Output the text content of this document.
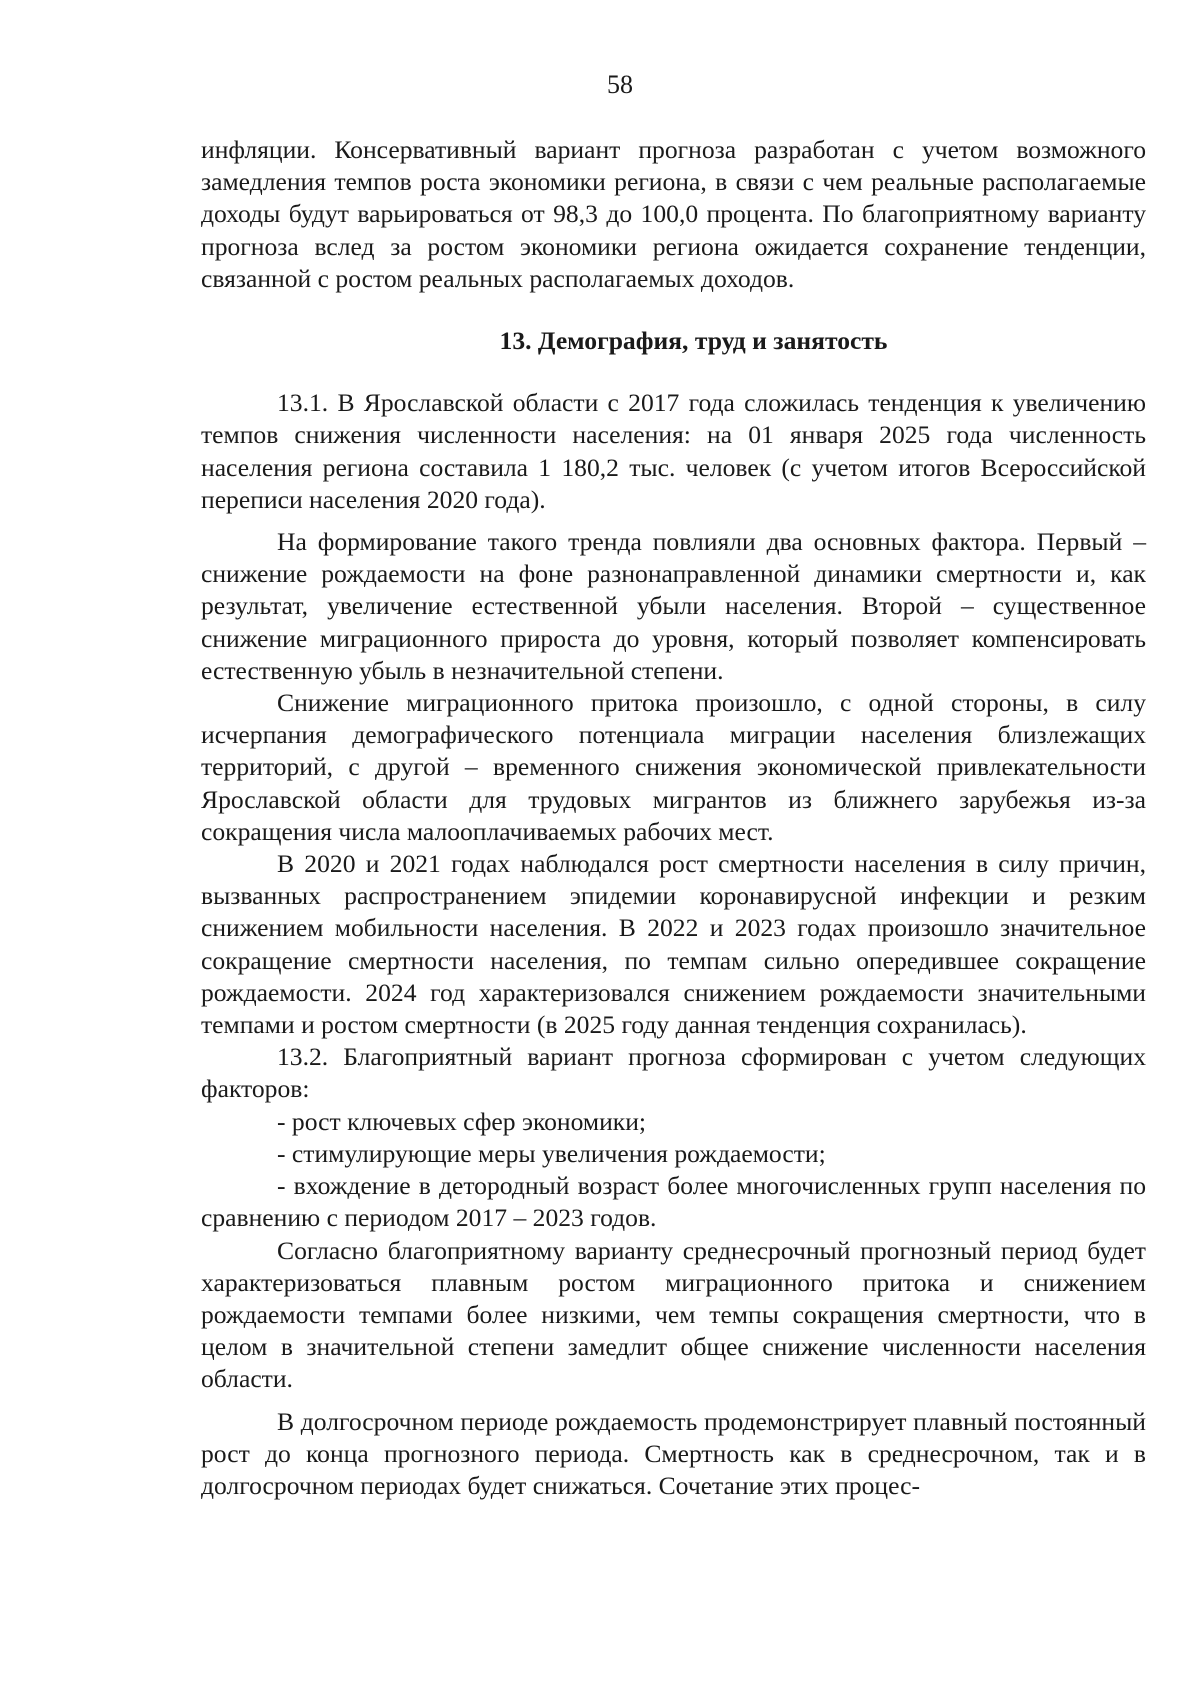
58

инфляции. Консервативный вариант прогноза разработан с учетом возможного замедления темпов роста экономики региона, в связи с чем реальные располагаемые доходы будут варьироваться от 98,3 до 100,0 процента. По благоприятному варианту прогноза вслед за ростом экономики региона ожидается сохранение тенденции, связанной с ростом реальных располагаемых доходов.

13. Демография, труд и занятость

13.1. В Ярославской области с 2017 года сложилась тенденция к увеличению темпов снижения численности населения: на 01 января 2025 года численность населения региона составила 1 180,2 тыс. человек (с учетом итогов Всероссийской переписи населения 2020 года).

На формирование такого тренда повлияли два основных фактора. Первый – снижение рождаемости на фоне разнонаправленной динамики смертности и, как результат, увеличение естественной убыли населения. Второй – существенное снижение миграционного прироста до уровня, который позволяет компенсировать естественную убыль в незначительной степени.

Снижение миграционного притока произошло, с одной стороны, в силу исчерпания демографического потенциала миграции населения близлежащих территорий, с другой – временного снижения экономической привлекательности Ярославской области для трудовых мигрантов из ближнего зарубежья из-за сокращения числа малооплачиваемых рабочих мест.

В 2020 и 2021 годах наблюдался рост смертности населения в силу причин, вызванных распространением эпидемии коронавирусной инфекции и резким снижением мобильности населения. В 2022 и 2023 годах произошло значительное сокращение смертности населения, по темпам сильно опередившее сокращение рождаемости. 2024 год характеризовался снижением рождаемости значительными темпами и ростом смертности (в 2025 году данная тенденция сохранилась).

13.2. Благоприятный вариант прогноза сформирован с учетом следующих факторов:

- рост ключевых сфер экономики;

- стимулирующие меры увеличения рождаемости;

- вхождение в детородный возраст более многочисленных групп населения по сравнению с периодом 2017 – 2023 годов.

Согласно благоприятному варианту среднесрочный прогнозный период будет характеризоваться плавным ростом миграционного притока и снижением рождаемости темпами более низкими, чем темпы сокращения смертности, что в целом в значительной степени замедлит общее снижение численности населения области.

В долгосрочном периоде рождаемость продемонстрирует плавный постоянный рост до конца прогнозного периода. Смертность как в среднесрочном, так и в долгосрочном периодах будет снижаться. Сочетание этих процес-
